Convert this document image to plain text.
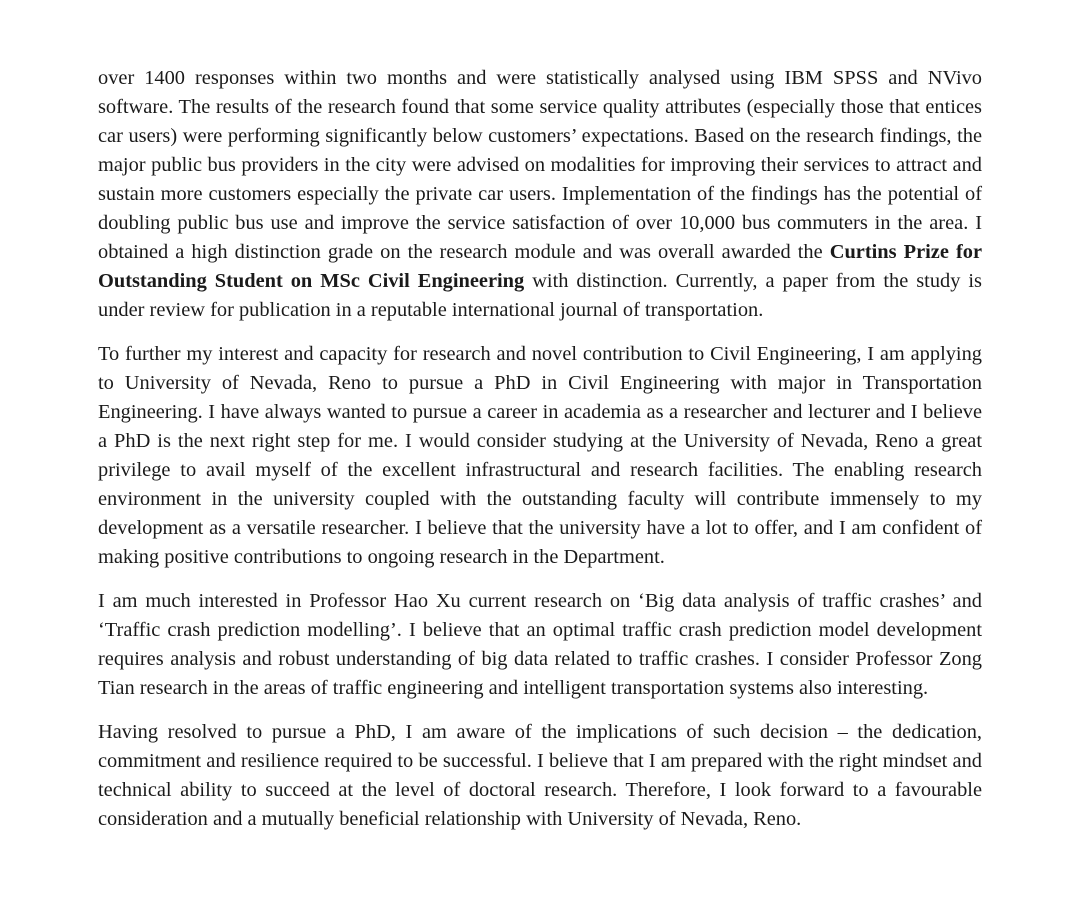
over 1400 responses within two months and were statistically analysed using IBM SPSS and NVivo software. The results of the research found that some service quality attributes (especially those that entices car users) were performing significantly below customers’ expectations. Based on the research findings, the major public bus providers in the city were advised on modalities for improving their services to attract and sustain more customers especially the private car users. Implementation of the findings has the potential of doubling public bus use and improve the service satisfaction of over 10,000 bus commuters in the area. I obtained a high distinction grade on the research module and was overall awarded the Curtins Prize for Outstanding Student on MSc Civil Engineering with distinction. Currently, a paper from the study is under review for publication in a reputable international journal of transportation.

To further my interest and capacity for research and novel contribution to Civil Engineering, I am applying to University of Nevada, Reno to pursue a PhD in Civil Engineering with major in Transportation Engineering. I have always wanted to pursue a career in academia as a researcher and lecturer and I believe a PhD is the next right step for me. I would consider studying at the University of Nevada, Reno a great privilege to avail myself of the excellent infrastructural and research facilities. The enabling research environment in the university coupled with the outstanding faculty will contribute immensely to my development as a versatile researcher. I believe that the university have a lot to offer, and I am confident of making positive contributions to ongoing research in the Department.

I am much interested in Professor Hao Xu current research on ‘Big data analysis of traffic crashes’ and ‘Traffic crash prediction modelling’. I believe that an optimal traffic crash prediction model development requires analysis and robust understanding of big data related to traffic crashes. I consider Professor Zong Tian research in the areas of traffic engineering and intelligent transportation systems also interesting.

Having resolved to pursue a PhD, I am aware of the implications of such decision – the dedication, commitment and resilience required to be successful. I believe that I am prepared with the right mindset and technical ability to succeed at the level of doctoral research. Therefore, I look forward to a favourable consideration and a mutually beneficial relationship with University of Nevada, Reno.
